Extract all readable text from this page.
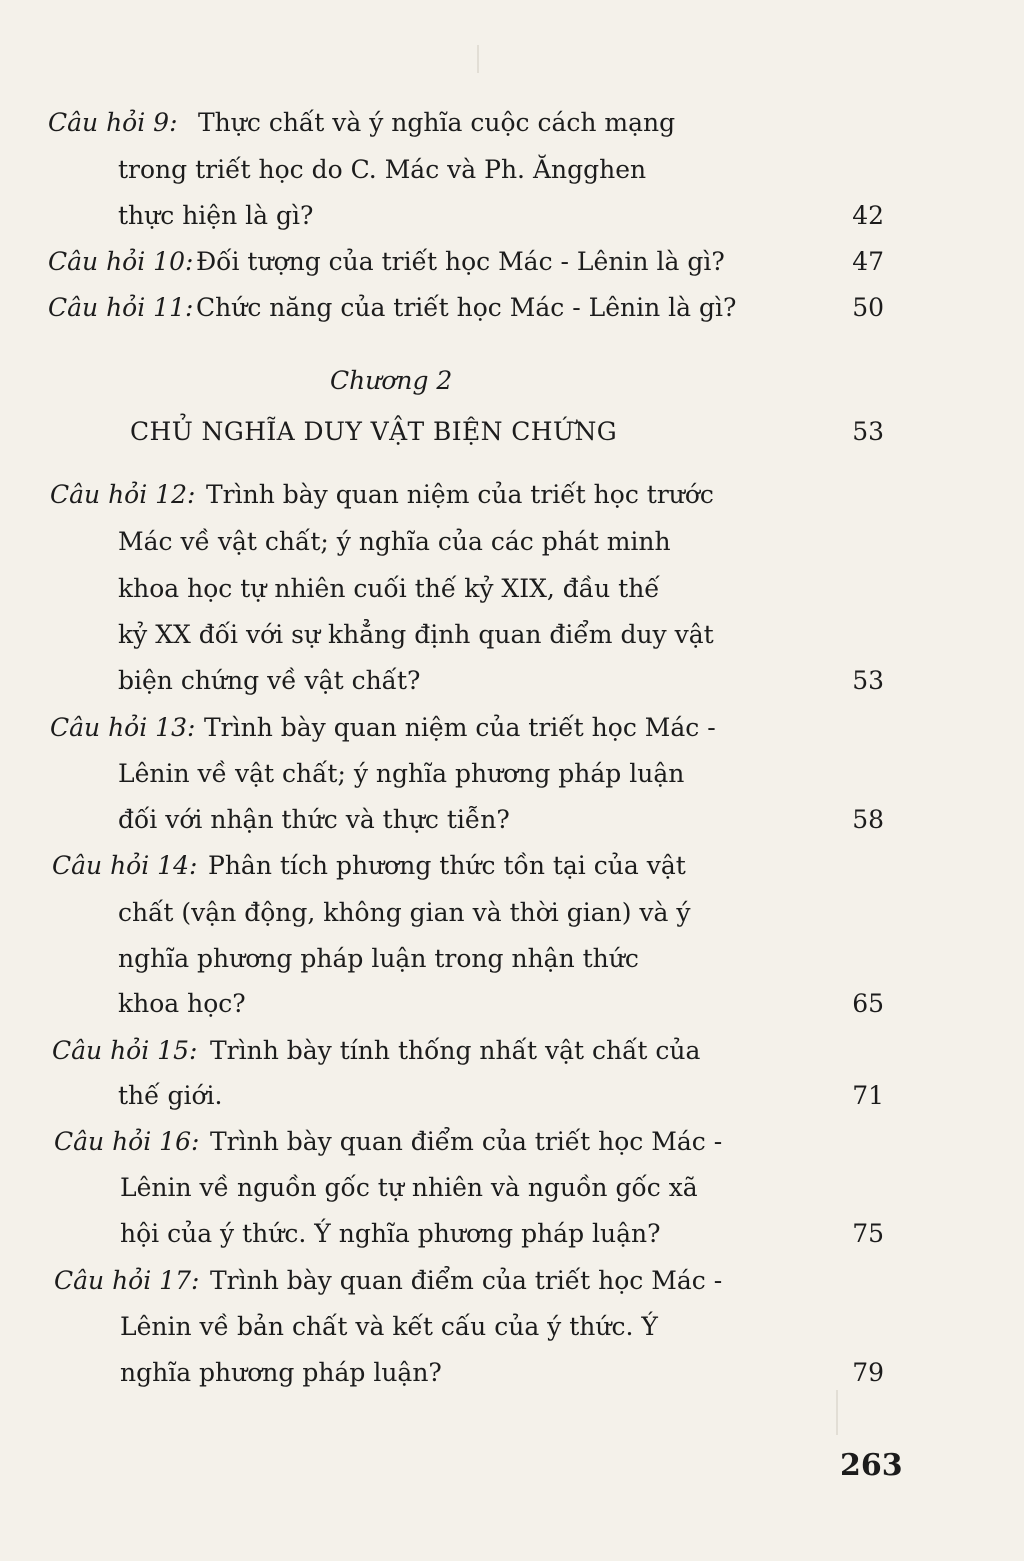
Câu hỏi 9: Thực chất và ý nghĩa cuộc cách mạng
trong triết học do C. Mác và Ph. Ăngghen
thực hiện là gì?	42
Câu hỏi 10: Đối tượng của triết học Mác - Lênin là gì?	47
Câu hỏi 11: Chức năng của triết học Mác - Lênin là gì?	50
Chương 2
CHỦ NGHĨA DUY VẬT BIỆN CHỨNG	53
Câu hỏi 12: Trình bày quan niệm của triết học trước
Mác về vật chất; ý nghĩa của các phát minh
khoa học tự nhiên cuối thế kỷ XIX, đầu thế
kỷ XX đối với sự khẳng định quan điểm duy vật
biện chứng về vật chất?	53
Câu hỏi 13: Trình bày quan niệm của triết học Mác -
Lênin về vật chất; ý nghĩa phương pháp luận
đối với nhận thức và thực tiễn?	58
Câu hỏi 14: Phân tích phương thức tồn tại của vật
chất (vận động, không gian và thời gian) và ý
nghĩa phương pháp luận trong nhận thức
khoa học?	65
Câu hỏi 15: Trình bày tính thống nhất vật chất của
thế giới.	71
Câu hỏi 16: Trình bày quan điểm của triết học Mác -
Lênin về nguồn gốc tự nhiên và nguồn gốc xã
hội của ý thức. Ý nghĩa phương pháp luận?	75
Câu hỏi 17: Trình bày quan điểm của triết học Mác -
Lênin về bản chất và kết cấu của ý thức. Ý
nghĩa phương pháp luận?	79
263
